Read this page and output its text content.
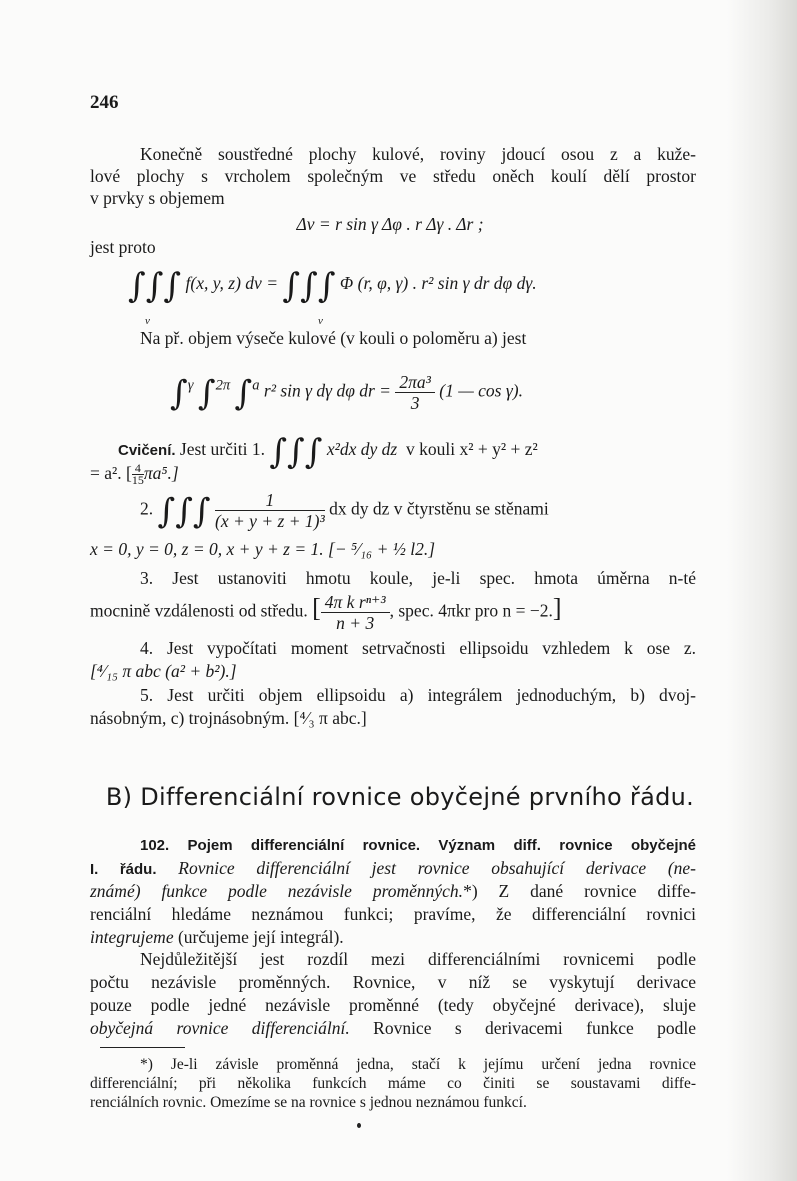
246
Konečně soustředné plochy kulové, roviny jdoucí osou z a kuže-
lové plochy s vrcholem společným ve středu oněch koulí dělí prostor
v prvky s objemem
Δv = r sin γ Δφ . r Δγ . Δr ;
jest proto
∫∫∫ f(x, y, z) dv = ∫∫∫ Φ (r, φ, γ) . r² sin γ dr dφ dγ.
v	v
Na př. objem výseče kulové (v kouli o poloměru a) jest
∫$^\gamma$ ∫$^{2\pi}$ ∫$^a$ r² sin γ dγ dφ dr = $\frac{\text{2πa³}}{3} (1$ — cos γ).
Cvičení. Jest určiti 1. ∫∫∫ x²dx dy dz v kouli x² + y² + z²
= a². [ $\frac{4}{15} \pi a^5$.]
2. ∫∫∫ $\frac{1}{\text{(x + y + z + 1)³}}$ dx dy dz v čtyrstěnu se stěnami
x = 0, y = 0, z = 0, x + y + z = 1. [− ⁵⁄₁₆ + ½ l2.]
3. Jest ustanoviti hmotu koule, je-li spec. hmota úměrna n-té
mocnině vzdálenosti od středu. [ $\frac{\text{4π k rⁿ⁺³}}{n + 3}$ , spec. 4πkr pro n = −2.]
4. Jest vypočítati moment setrvačnosti ellipsoidu vzhledem k ose z.
[⁴⁄₁₅ π abc (a² + b²).]
5. Jest určiti objem ellipsoidu a) integrálem jednoduchým, b) dvoj-
násobným, c) trojnásobným. [⁴⁄₃ π abc.]
B) Differenciální rovnice obyčejné prvního řádu.
102. Pojem differenciální rovnice. Význam diff. rovnice obyčejné
I. řádu. Rovnice differenciální jest rovnice obsahující derivace (ne-
známé) funkce podle nezávisle proměnných.*) Z dané rovnice diffe-
renciální hledáme neznámou funkci; pravíme, že differenciální rovnici
integrujeme (určujeme její integrál).
Nejdůležitější jest rozdíl mezi differenciálními rovnicemi podle
počtu nezávisle proměnných. Rovnice, v níž se vyskytují derivace
pouze podle jedné nezávisle proměnné (tedy obyčejné derivace), sluje
obyčejná rovnice differenciální. Rovnice s derivacemi funkce podle
*) Je-li závisle proměnná jedna, stačí k jejímu určení jedna rovnice
differenciální; při několika funkcích máme co činiti se soustavami diffe-
renciálních rovnic. Omezíme se na rovnice s jednou neznámou funkcí.
